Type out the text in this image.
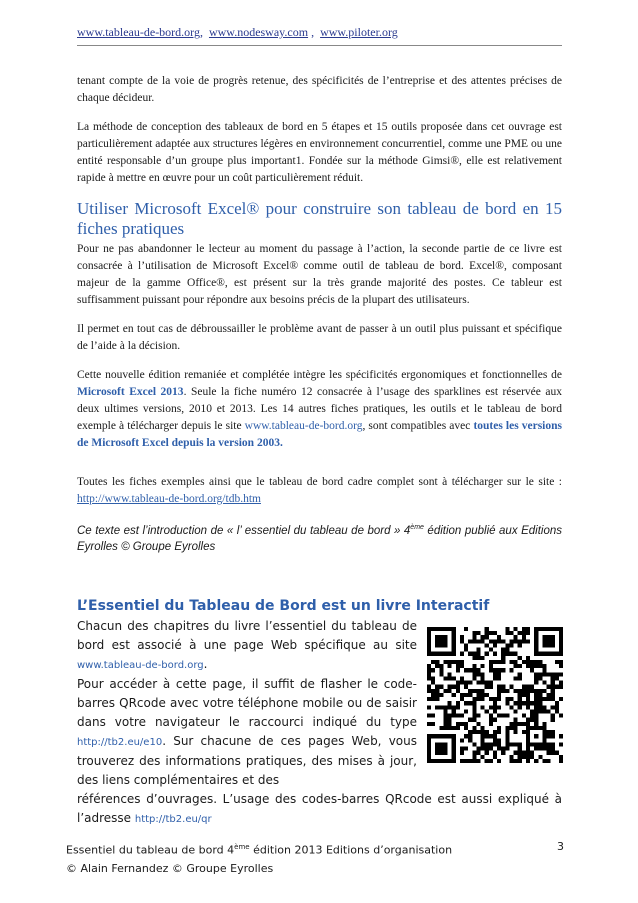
www.tableau-de-bord.org, www.nodesway.com , www.piloter.org

tenant compte de la voie de progrès retenue, des spécificités de l’entreprise et des attentes précises de chaque décideur.

La méthode de conception des tableaux de bord en 5 étapes et 15 outils proposée dans cet ouvrage est particulièrement adaptée aux structures légères en environnement concurrentiel, comme une PME ou une entité responsable d’un groupe plus important1. Fondée sur la méthode Gimsi®, elle est relativement rapide à mettre en œuvre pour un coût particulièrement réduit.

Utiliser Microsoft Excel® pour construire son tableau de bord en 15 fiches pratiques

Pour ne pas abandonner le lecteur au moment du passage à l’action, la seconde partie de ce livre est consacrée à l’utilisation de Microsoft Excel® comme outil de tableau de bord. Excel®, composant majeur de la gamme Office®, est présent sur la très grande majorité des postes. Ce tableur est suffisamment puissant pour répondre aux besoins précis de la plupart des utilisateurs.

Il permet en tout cas de débroussailler le problème avant de passer à un outil plus puissant et spécifique de l’aide à la décision.

Cette nouvelle édition remaniée et complétée intègre les spécificités ergonomiques et fonctionnelles de Microsoft Excel 2013. Seule la fiche numéro 12 consacrée à l’usage des sparklines est réservée aux deux ultimes versions, 2010 et 2013. Les 14 autres fiches pratiques, les outils et le tableau de bord exemple à télécharger depuis le site www.tableau-de-bord.org, sont compatibles avec toutes les versions de Microsoft Excel depuis la version 2003.

Toutes les fiches exemples ainsi que le tableau de bord cadre complet sont à télécharger sur le site : http://www.tableau-de-bord.org/tdb.htm

Ce texte est l’introduction de « l’ essentiel du tableau de bord » 4ème édition publié aux Editions Eyrolles © Groupe Eyrolles

L’Essentiel du Tableau de Bord est un livre Interactif
Chacun des chapitres du livre l’essentiel du tableau de bord est associé à une page Web spécifique au site www.tableau-de-bord.org.
Pour accéder à cette page, il suffit de flasher le code-barres QRcode avec votre téléphone mobile ou de saisir dans votre navigateur le raccourci indiqué du type http://tb2.eu/e10. Sur chacune de ces pages Web, vous trouverez des informations pratiques, des mises à jour, des liens complémentaires et des
références d’ouvrages. L’usage des codes-barres QRcode est aussi expliqué à l’adresse http://tb2.eu/qr
Essentiel du tableau de bord 4ème édition 2013 Editions d’organisation
© Alain Fernandez © Groupe Eyrolles
3
